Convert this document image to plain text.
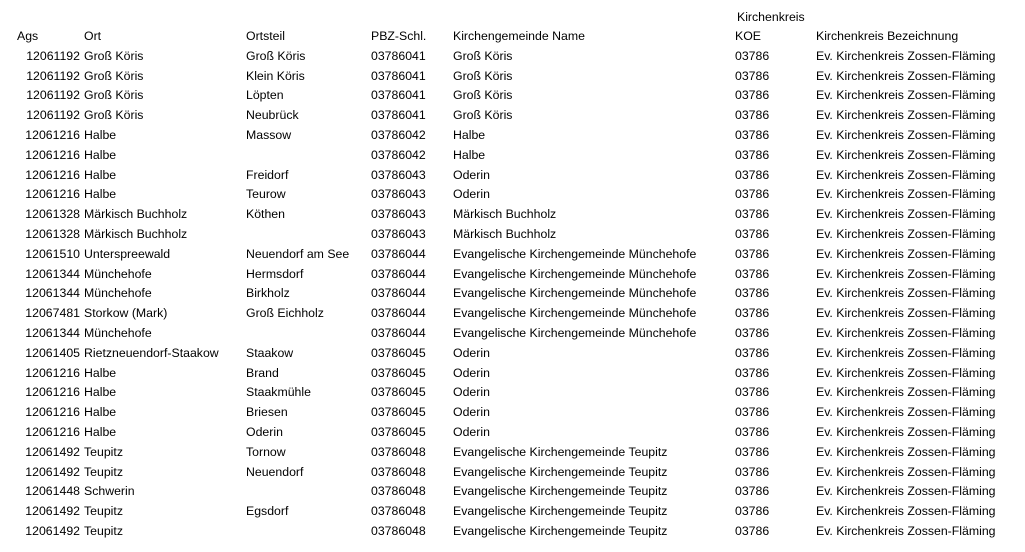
Kirchenkreis
Ags	Ort	Ortsteil	PBZ-Schl.	Kirchengemeinde Name	KOE	Kirchenkreis Bezeichnung
12061192	Groß Köris	Groß Köris	03786041	Groß Köris	03786	Ev. Kirchenkreis Zossen-Fläming
12061192	Groß Köris	Klein Köris	03786041	Groß Köris	03786	Ev. Kirchenkreis Zossen-Fläming
12061192	Groß Köris	Löpten	03786041	Groß Köris	03786	Ev. Kirchenkreis Zossen-Fläming
12061192	Groß Köris	Neubrück	03786041	Groß Köris	03786	Ev. Kirchenkreis Zossen-Fläming
12061216	Halbe	Massow	03786042	Halbe	03786	Ev. Kirchenkreis Zossen-Fläming
12061216	Halbe		03786042	Halbe	03786	Ev. Kirchenkreis Zossen-Fläming
12061216	Halbe	Freidorf	03786043	Oderin	03786	Ev. Kirchenkreis Zossen-Fläming
12061216	Halbe	Teurow	03786043	Oderin	03786	Ev. Kirchenkreis Zossen-Fläming
12061328	Märkisch Buchholz	Köthen	03786043	Märkisch Buchholz	03786	Ev. Kirchenkreis Zossen-Fläming
12061328	Märkisch Buchholz		03786043	Märkisch Buchholz	03786	Ev. Kirchenkreis Zossen-Fläming
12061510	Unterspreewald	Neuendorf am See	03786044	Evangelische Kirchengemeinde Münchehofe	03786	Ev. Kirchenkreis Zossen-Fläming
12061344	Münchehofe	Hermsdorf	03786044	Evangelische Kirchengemeinde Münchehofe	03786	Ev. Kirchenkreis Zossen-Fläming
12061344	Münchehofe	Birkholz	03786044	Evangelische Kirchengemeinde Münchehofe	03786	Ev. Kirchenkreis Zossen-Fläming
12067481	Storkow (Mark)	Groß Eichholz	03786044	Evangelische Kirchengemeinde Münchehofe	03786	Ev. Kirchenkreis Zossen-Fläming
12061344	Münchehofe		03786044	Evangelische Kirchengemeinde Münchehofe	03786	Ev. Kirchenkreis Zossen-Fläming
12061405	Rietzneuendorf-Staakow	Staakow	03786045	Oderin	03786	Ev. Kirchenkreis Zossen-Fläming
12061216	Halbe	Brand	03786045	Oderin	03786	Ev. Kirchenkreis Zossen-Fläming
12061216	Halbe	Staakmühle	03786045	Oderin	03786	Ev. Kirchenkreis Zossen-Fläming
12061216	Halbe	Briesen	03786045	Oderin	03786	Ev. Kirchenkreis Zossen-Fläming
12061216	Halbe	Oderin	03786045	Oderin	03786	Ev. Kirchenkreis Zossen-Fläming
12061492	Teupitz	Tornow	03786048	Evangelische Kirchengemeinde Teupitz	03786	Ev. Kirchenkreis Zossen-Fläming
12061492	Teupitz	Neuendorf	03786048	Evangelische Kirchengemeinde Teupitz	03786	Ev. Kirchenkreis Zossen-Fläming
12061448	Schwerin		03786048	Evangelische Kirchengemeinde Teupitz	03786	Ev. Kirchenkreis Zossen-Fläming
12061492	Teupitz	Egsdorf	03786048	Evangelische Kirchengemeinde Teupitz	03786	Ev. Kirchenkreis Zossen-Fläming
12061492	Teupitz		03786048	Evangelische Kirchengemeinde Teupitz	03786	Ev. Kirchenkreis Zossen-Fläming
